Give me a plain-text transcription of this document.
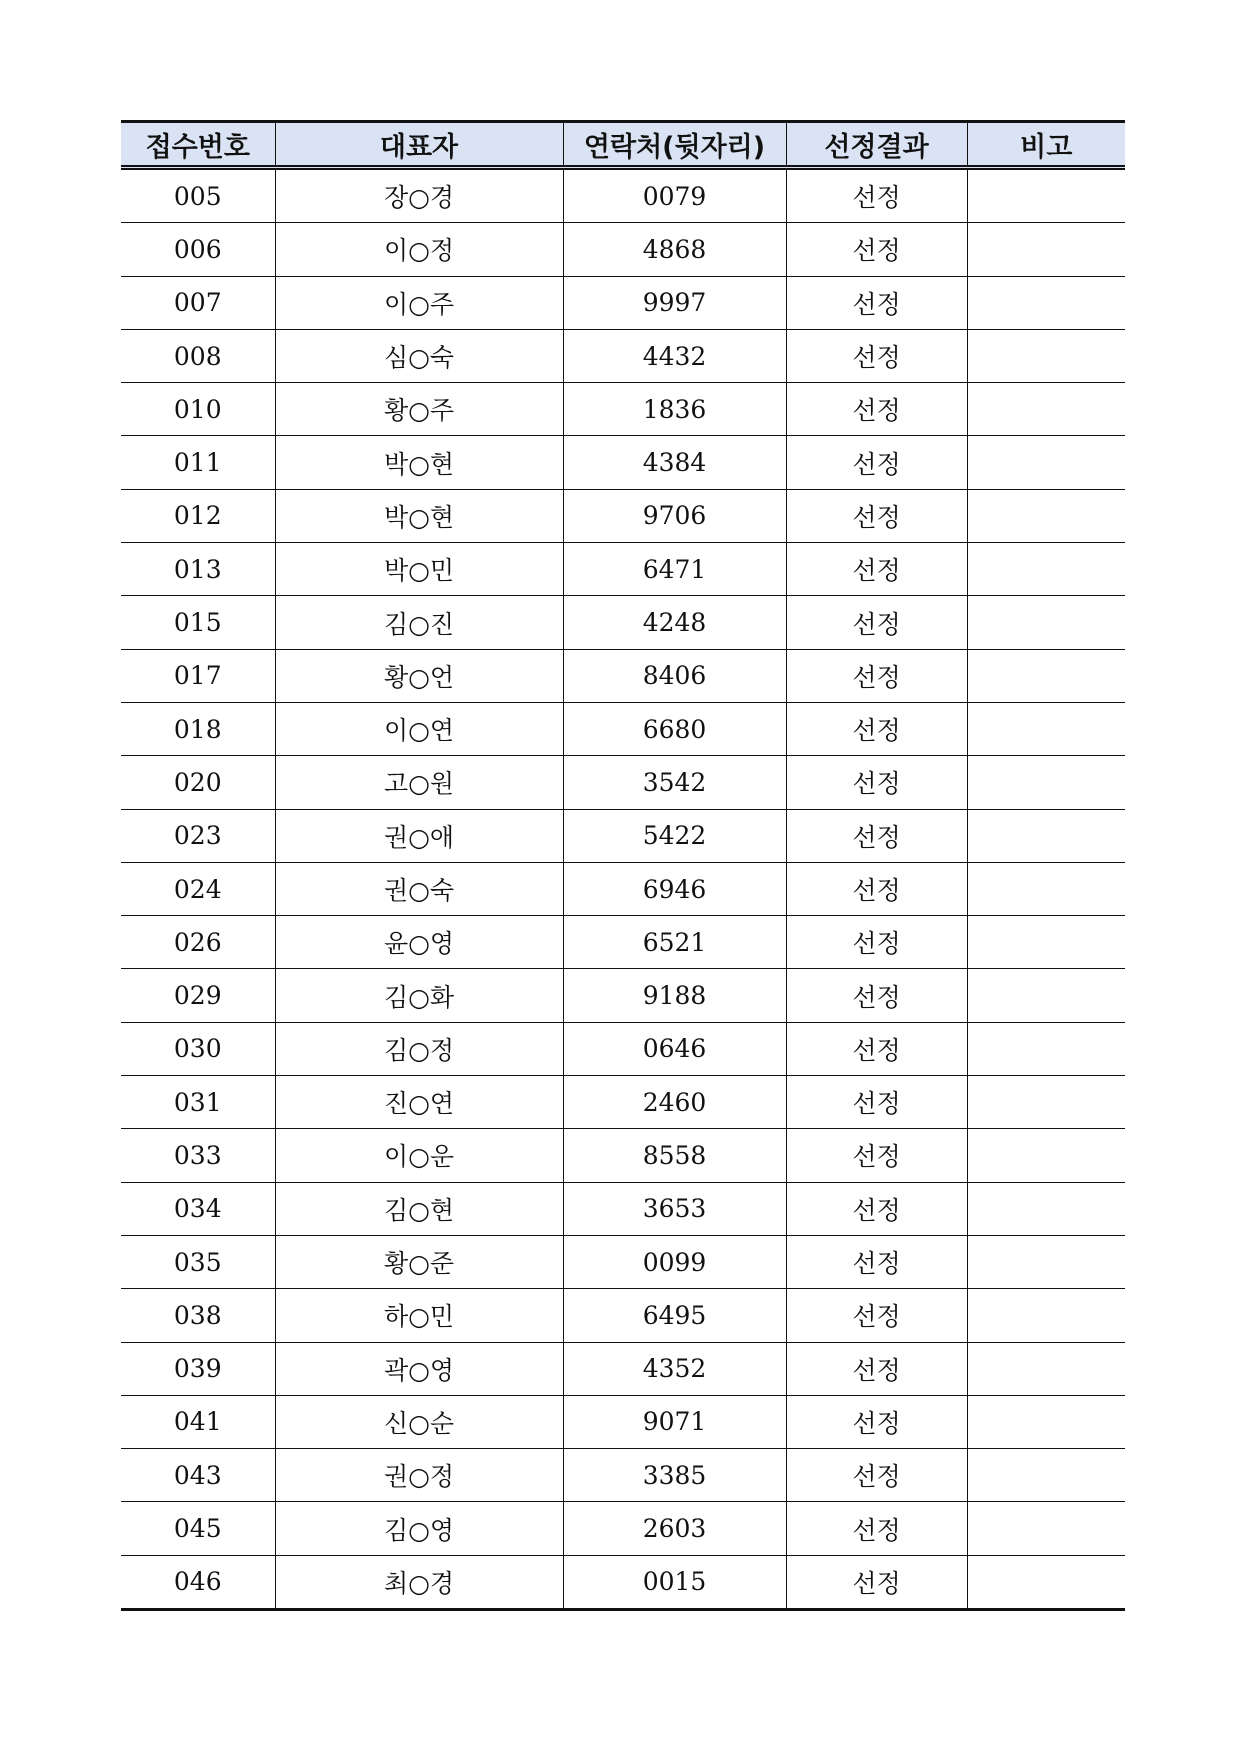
접수번호	대표자	연락처(뒷자리)	선정결과	비고
005	장○경	0079	선정	
006	이○정	4868	선정	
007	이○주	9997	선정	
008	심○숙	4432	선정	
010	황○주	1836	선정	
011	박○현	4384	선정	
012	박○현	9706	선정	
013	박○민	6471	선정	
015	김○진	4248	선정	
017	황○언	8406	선정	
018	이○연	6680	선정	
020	고○원	3542	선정	
023	권○애	5422	선정	
024	권○숙	6946	선정	
026	윤○영	6521	선정	
029	김○화	9188	선정	
030	김○정	0646	선정	
031	진○연	2460	선정	
033	이○운	8558	선정	
034	김○현	3653	선정	
035	황○준	0099	선정	
038	하○민	6495	선정	
039	곽○영	4352	선정	
041	신○순	9071	선정	
043	권○정	3385	선정	
045	김○영	2603	선정	
046	최○경	0015	선정	
